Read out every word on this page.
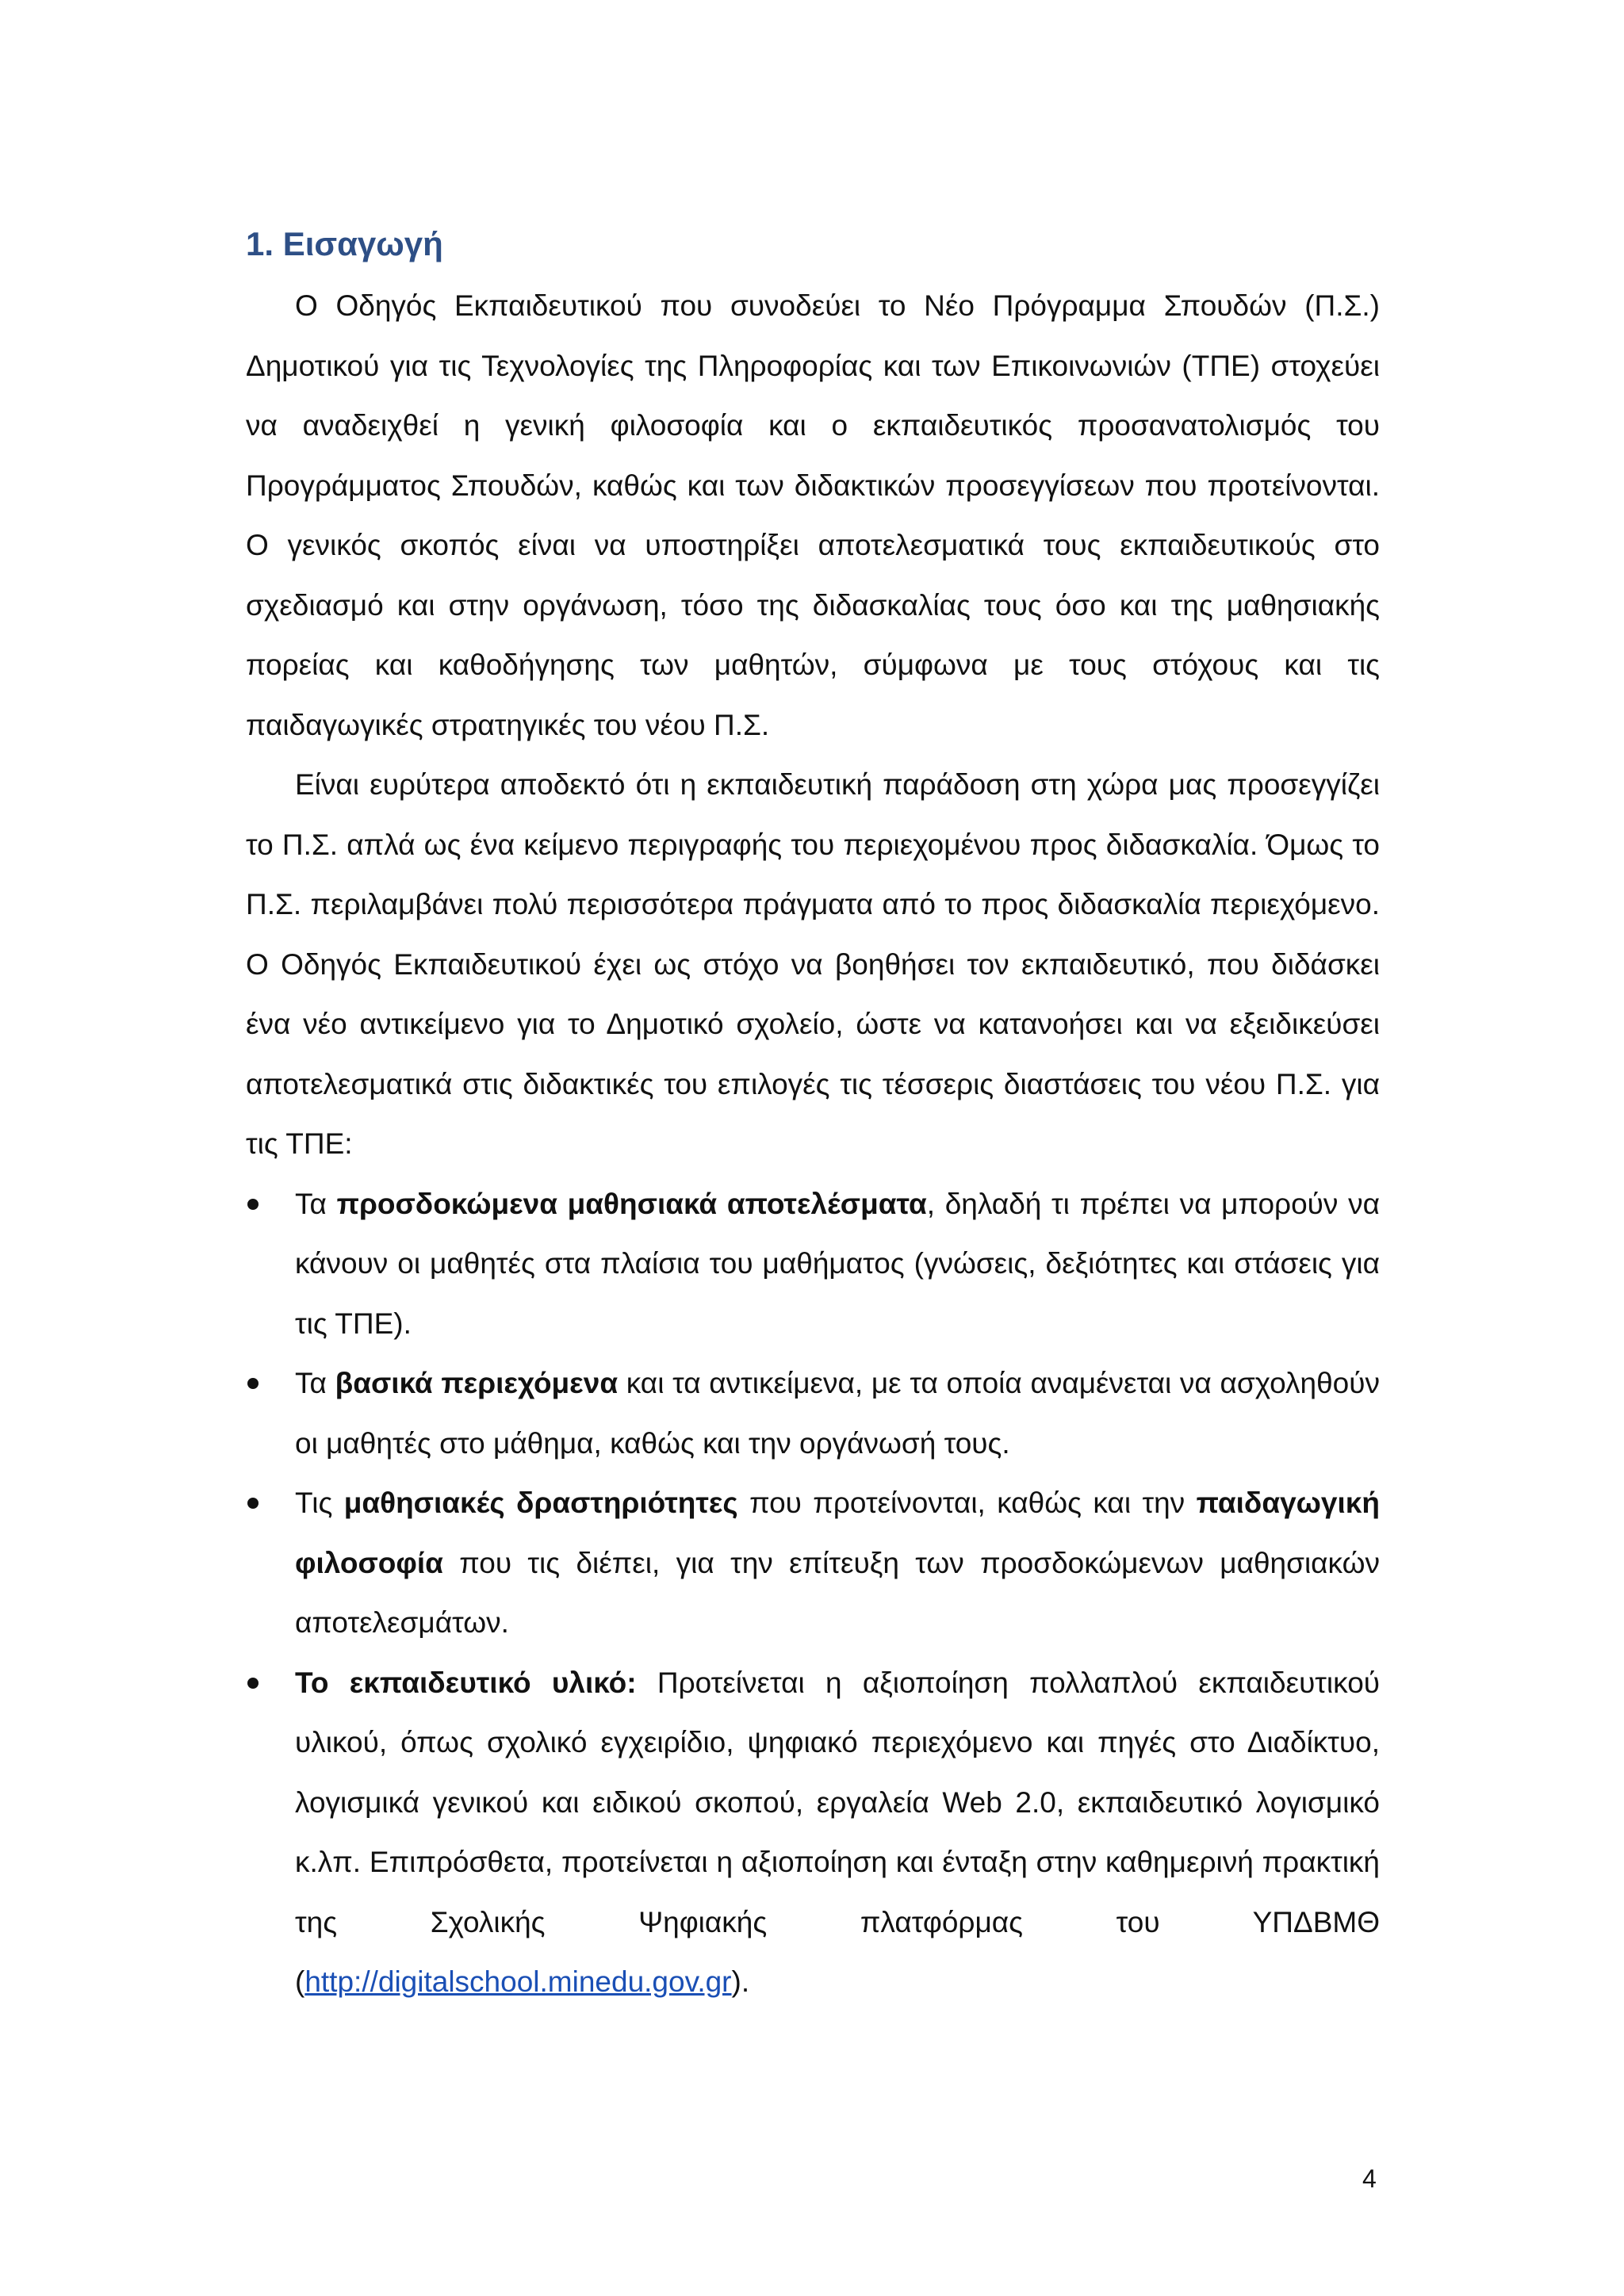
1. Εισαγωγή

Ο Οδηγός Εκπαιδευτικού που συνοδεύει το Νέο Πρόγραμμα Σπουδών (Π.Σ.) Δημοτικού για τις Τεχνολογίες της Πληροφορίας και των Επικοινωνιών (ΤΠΕ) στοχεύει να αναδειχθεί η γενική φιλοσοφία και ο εκπαιδευτικός προσανατολισμός του Προγράμματος Σπουδών, καθώς και των διδακτικών προσεγγίσεων που προτείνονται. Ο γενικός σκοπός είναι να υποστηρίξει αποτελεσματικά τους εκπαιδευτικούς στο σχεδιασμό και στην οργάνωση, τόσο της διδασκαλίας τους όσο και της μαθησιακής πορείας και καθοδήγησης των μαθητών, σύμφωνα με τους στόχους και τις παιδαγωγικές στρατηγικές του νέου Π.Σ.

Είναι ευρύτερα αποδεκτό ότι η εκπαιδευτική παράδοση στη χώρα μας προσεγγίζει το Π.Σ. απλά ως ένα κείμενο περιγραφής του περιεχομένου προς διδασκαλία. Όμως το Π.Σ. περιλαμβάνει πολύ περισσότερα πράγματα από το προς διδασκαλία περιεχόμενο. Ο Οδηγός Εκπαιδευτικού έχει ως στόχο να βοηθήσει τον εκπαιδευτικό, που διδάσκει ένα νέο αντικείμενο για το Δημοτικό σχολείο, ώστε να κατανοήσει και να εξειδικεύσει αποτελεσματικά στις διδακτικές του επιλογές τις τέσσερις διαστάσεις του νέου Π.Σ. για τις ΤΠΕ:

Τα προσδοκώμενα μαθησιακά αποτελέσματα, δηλαδή τι πρέπει να μπορούν να κάνουν οι μαθητές στα πλαίσια του μαθήματος (γνώσεις, δεξιότητες και στάσεις για τις ΤΠΕ).
Τα βασικά περιεχόμενα και τα αντικείμενα, με τα οποία αναμένεται να ασχοληθούν οι μαθητές στο μάθημα, καθώς και την οργάνωσή τους.
Τις μαθησιακές δραστηριότητες που προτείνονται, καθώς και την παιδαγωγική φιλοσοφία που τις διέπει, για την επίτευξη των προσδοκώμενων μαθησιακών αποτελεσμάτων.
Το εκπαιδευτικό υλικό: Προτείνεται η αξιοποίηση πολλαπλού εκπαιδευτικού υλικού, όπως σχολικό εγχειρίδιο, ψηφιακό περιεχόμενο και πηγές στο Διαδίκτυο, λογισμικά γενικού και ειδικού σκοπού, εργαλεία Web 2.0, εκπαιδευτικό λογισμικό κ.λπ. Επιπρόσθετα, προτείνεται η αξιοποίηση και ένταξη στην καθημερινή πρακτική της Σχολικής Ψηφιακής πλατφόρμας του ΥΠΔΒΜΘ (http://digitalschool.minedu.gov.gr).
4
